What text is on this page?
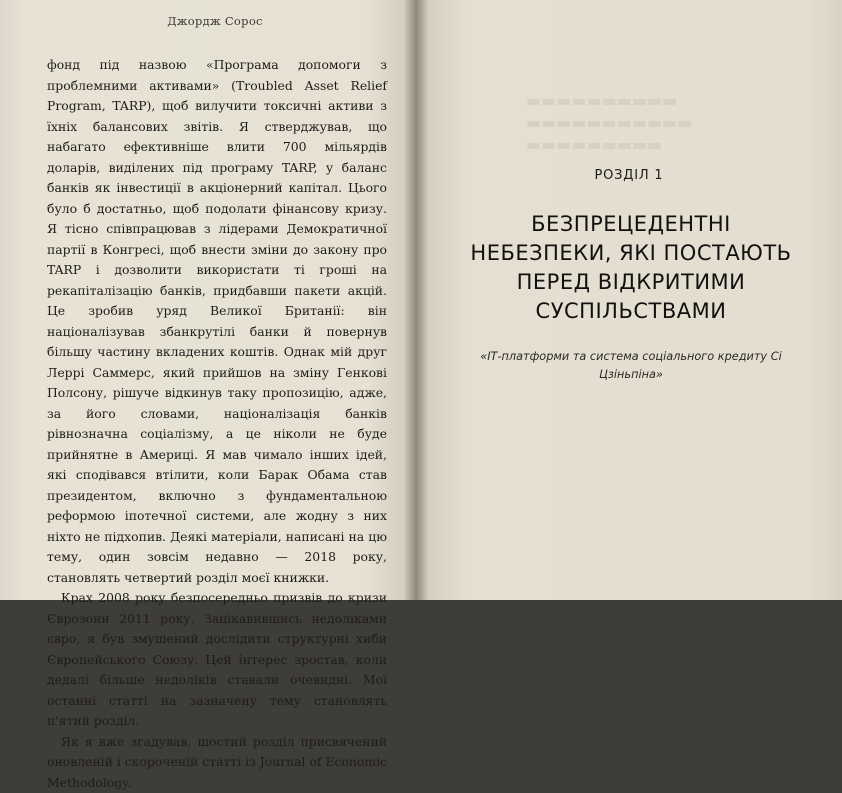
Джордж Сорос

фонд під назвою «Програма допомоги з проблемними активами» (Troubled Asset Relief Program, TARP), щоб вилучити токсичні активи з їхніх балансових звітів. Я стверджував, що набагато ефективніше влити 700 мільярдів доларів, виділених під програму TARP, у баланс банків як інвестиції в акціонерний капітал. Цього було б достатньо, щоб подолати фінансову кризу. Я тісно співпрацював з лідерами Демократичної партії в Конгресі, щоб внести зміни до закону про TARP і дозволити використати ті гроші на рекапіталізацію банків, придбавши пакети акцій. Це зробив уряд Великої Британії: він націоналізував збанкрутілі банки й повернув більшу частину вкладених коштів. Однак мій друг Леррі Саммерс, який прийшов на зміну Генкові Полсону, рішуче відкинув таку пропозицію, адже, за його словами, націоналізація банків рівнозначна соціалізму, а це ніколи не буде прийнятне в Америці. Я мав чимало інших ідей, які сподівався втілити, коли Барак Обама став президентом, включно з фундаментальною реформою іпотечної системи, але жодну з них ніхто не підхопив. Деякі матеріали, написані на цю тему, один зовсім недавно — 2018 року, становлять четвертий розділ моєї книжки.

Крах 2008 року безпосередньо призвів до кризи Єврозони 2011 року. Зацікавившись недоліками євро, я був змушений дослідити структурні хиби Європейського Союзу. Цей інтерес зростав, коли дедалі більше недоліків ставали очевидні. Мої останні статті на зазначену тему становлять п'ятий розділ.

Як я вже згадував, шостий розділ присвячений оновленій і скороченій статті із Journal of Economic Methodology.

▬▬▬▬▬▬▬▬▬▬
▬▬▬▬▬▬▬▬▬▬▬
▬▬▬▬▬▬▬▬▬
РОЗДІЛ 1
БЕЗПРЕЦЕДЕНТНІ НЕБЕЗПЕКИ, ЯКІ ПОСТАЮТЬ ПЕРЕД ВІДКРИТИМИ СУСПІЛЬСТВАМИ
«ІТ-платформи та система соціального кредиту Сі Цзіньпіна»
